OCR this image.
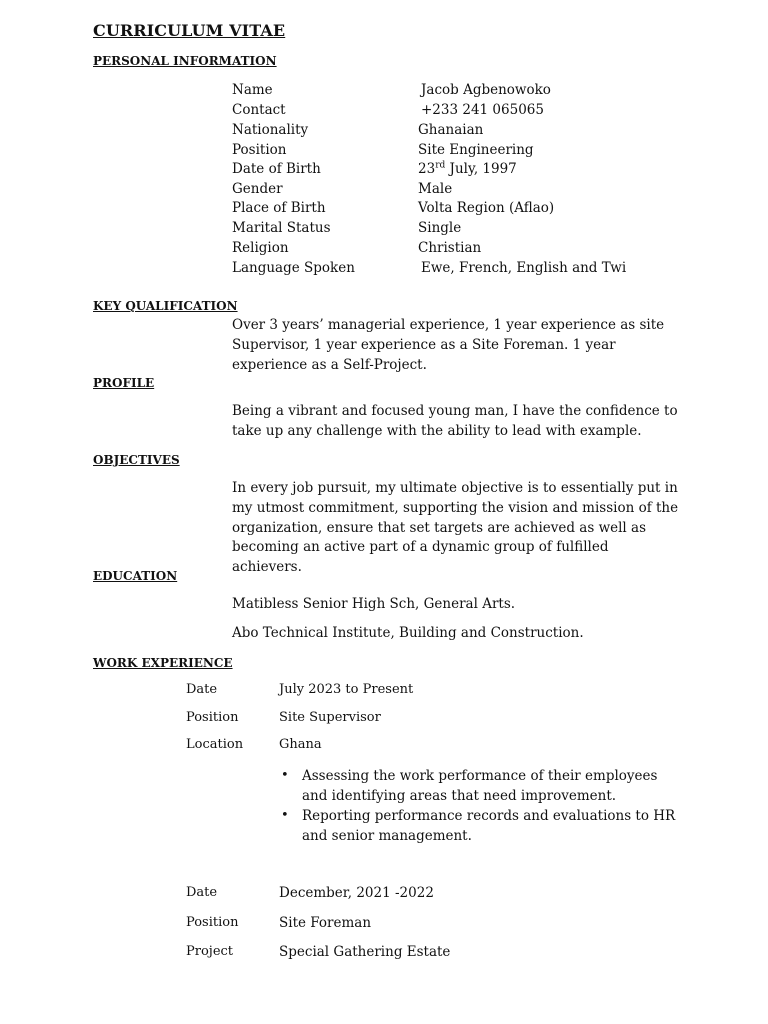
CURRICULUM VITAE
PERSONAL INFORMATION
Name	Jacob Agbenowoko
Contact	+233 241 065065
Nationality	Ghanaian
Position	Site Engineering
Date of Birth	23rd July, 1997
Gender	Male
Place of Birth	Volta Region (Aflao)
Marital Status	Single
Religion	Christian
Language Spoken	Ewe, French, English and Twi
KEY QUALIFICATION
Over 3 years’ managerial experience, 1 year experience as site Supervisor, 1 year experience as a Site Foreman. 1 year experience as a Self-Project.
PROFILE
Being a vibrant and focused young man, I have the confidence to take up any challenge with the ability to lead with example.
OBJECTIVES
In every job pursuit, my ultimate objective is to essentially put in my utmost commitment, supporting the vision and mission of the organization, ensure that set targets are achieved as well as becoming an active part of a dynamic group of fulfilled achievers.
EDUCATION
Matibless Senior High Sch, General Arts.
Abo Technical Institute, Building and Construction.
WORK EXPERIENCE
Date	July 2023 to Present
Position	Site Supervisor
Location	Ghana
• Assessing the work performance of their employees and identifying areas that need improvement.
• Reporting performance records and evaluations to HR and senior management.
Date	December, 2021 -2022
Position	Site Foreman
Project	Special Gathering Estate
